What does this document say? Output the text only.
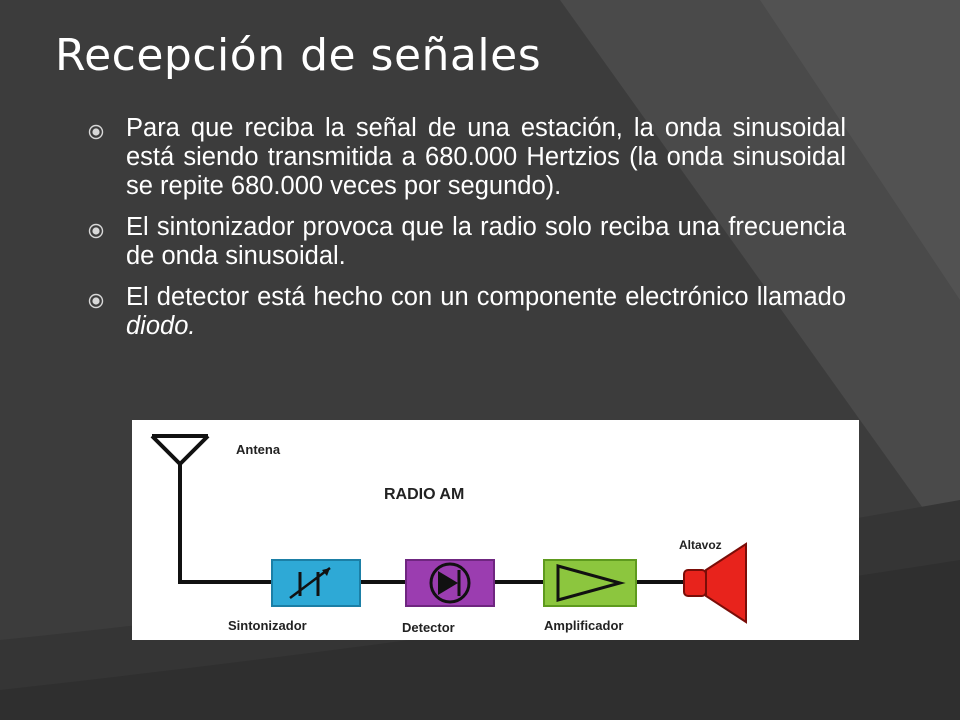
Recepción de señales
Para que reciba la señal de una estación, la onda sinusoidal está siendo transmitida a 680.000 Hertzios (la onda sinusoidal se repite 680.000 veces por segundo).
El sintonizador provoca que la radio solo reciba una frecuencia de onda sinusoidal.
El detector está hecho con un componente electrónico llamado diodo.
Antena
RADIO AM
Altavoz
Sintonizador	Detector	Amplificador
